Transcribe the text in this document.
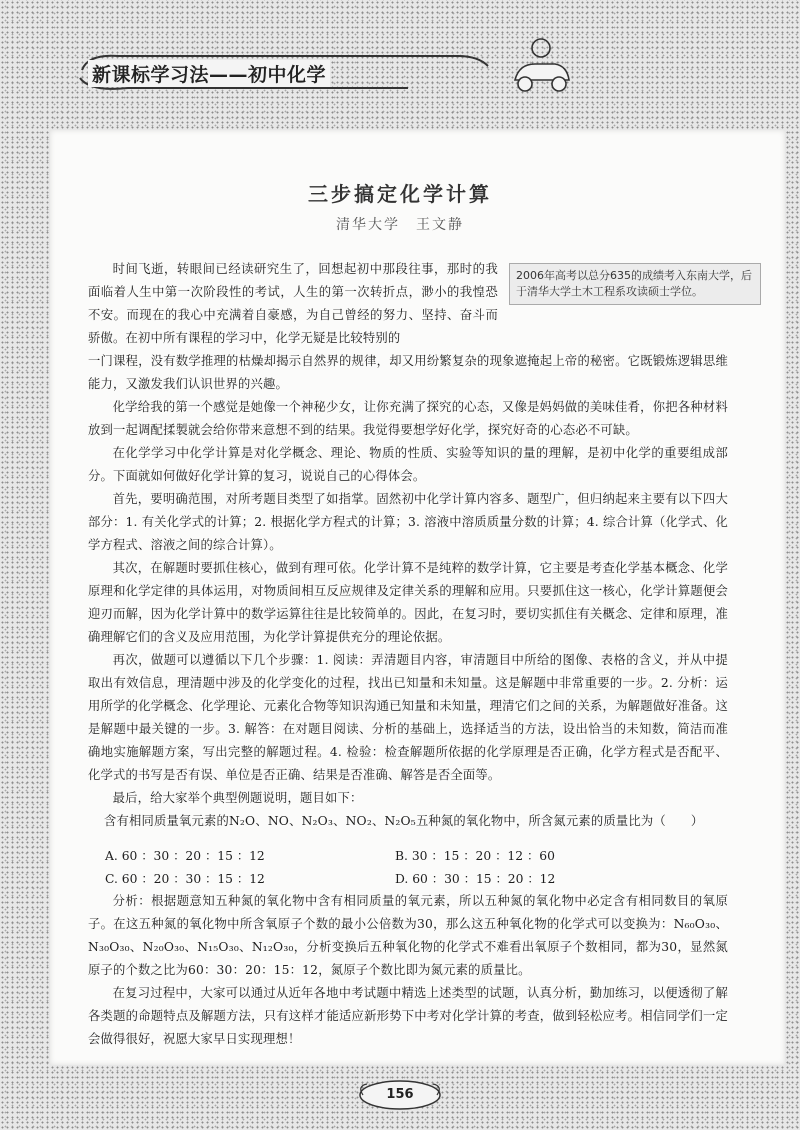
新课标学习法——初中化学
三步搞定化学计算
清华大学　王文静
2006年高考以总分635的成绩考入东南大学，后于清华大学土木工程系攻读硕士学位。

时间飞逝，转眼间已经读研究生了，回想起初中那段往事，那时的我面临着人生中第一次阶段性的考试，人生的第一次转折点，渺小的我惶恐不安。而现在的我心中充满着自豪感，为自己曾经的努力、坚持、奋斗而骄傲。在初中所有课程的学习中，化学无疑是比较特别的

一门课程，没有数学推理的枯燥却揭示自然界的规律，却又用纷繁复杂的现象遮掩起上帝的秘密。它既锻炼逻辑思维能力，又激发我们认识世界的兴趣。

化学给我的第一个感觉是她像一个神秘少女，让你充满了探究的心态，又像是妈妈做的美味佳肴，你把各种材料放到一起调配揉製就会给你带来意想不到的结果。我觉得要想学好化学，探究好奇的心态必不可缺。

在化学学习中化学计算是对化学概念、理论、物质的性质、实验等知识的量的理解，是初中化学的重要组成部分。下面就如何做好化学计算的复习，说说自己的心得体会。

首先，要明确范围，对所考题目类型了如指掌。固然初中化学计算内容多、题型广，但归纳起来主要有以下四大部分：1. 有关化学式的计算；2. 根据化学方程式的计算；3. 溶液中溶质质量分数的计算；4. 综合计算（化学式、化学方程式、溶液之间的综合计算）。

其次，在解题时要抓住核心，做到有理可依。化学计算不是纯粹的数学计算，它主要是考查化学基本概念、化学原理和化学定律的具体运用，对物质间相互反应规律及定律关系的理解和应用。只要抓住这一核心，化学计算题便会迎刃而解，因为化学计算中的数学运算往往是比较简单的。因此，在复习时，要切实抓住有关概念、定律和原理，准确理解它们的含义及应用范围，为化学计算提供充分的理论依据。

再次，做题可以遵循以下几个步骤：1. 阅读：弄清题目内容，审清题目中所给的图像、表格的含义，并从中提取出有效信息，理清题中涉及的化学变化的过程，找出已知量和未知量。这是解题中非常重要的一步。2. 分析：运用所学的化学概念、化学理论、元素化合物等知识沟通已知量和未知量，理清它们之间的关系，为解题做好准备。这是解题中最关键的一步。3. 解答：在对题目阅读、分析的基础上，选择适当的方法，设出恰当的未知数，简洁而准确地实施解题方案，写出完整的解题过程。4. 检验：检查解题所依据的化学原理是否正确，化学方程式是否配平、化学式的书写是否有误、单位是否正确、结果是否准确、解答是否全面等。

最后，给大家举个典型例题说明，题目如下：

含有相同质量氧元素的N₂O、NO、N₂O₃、NO₂、N₂O₅五种氮的氧化物中，所含氮元素的质量比为（　　）

A. 60 ：30 ：20 ：15 ：12	B. 30 ：15 ：20 ：12 ：60
C. 60 ：20 ：30 ：15 ：12	D. 60 ：30 ：15 ：20 ：12

分析：根据题意知五种氮的氧化物中含有相同质量的氧元素，所以五种氮的氧化物中必定含有相同数目的氧原子。在这五种氮的氧化物中所含氧原子个数的最小公倍数为30，那么这五种氧化物的化学式可以变换为：N₆₀O₃₀、N₃₀O₃₀、N₂₀O₃₀、N₁₅O₃₀、N₁₂O₃₀，分析变换后五种氧化物的化学式不难看出氧原子个数相同，都为30，显然氮原子的个数之比为60：30：20：15：12，氮原子个数比即为氮元素的质量比。

在复习过程中，大家可以通过从近年各地中考试题中精选上述类型的试题，认真分析，勤加练习，以便透彻了解各类题的命题特点及解题方法，只有这样才能适应新形势下中考对化学计算的考查，做到轻松应考。相信同学们一定会做得很好，祝愿大家早日实现理想！

156
